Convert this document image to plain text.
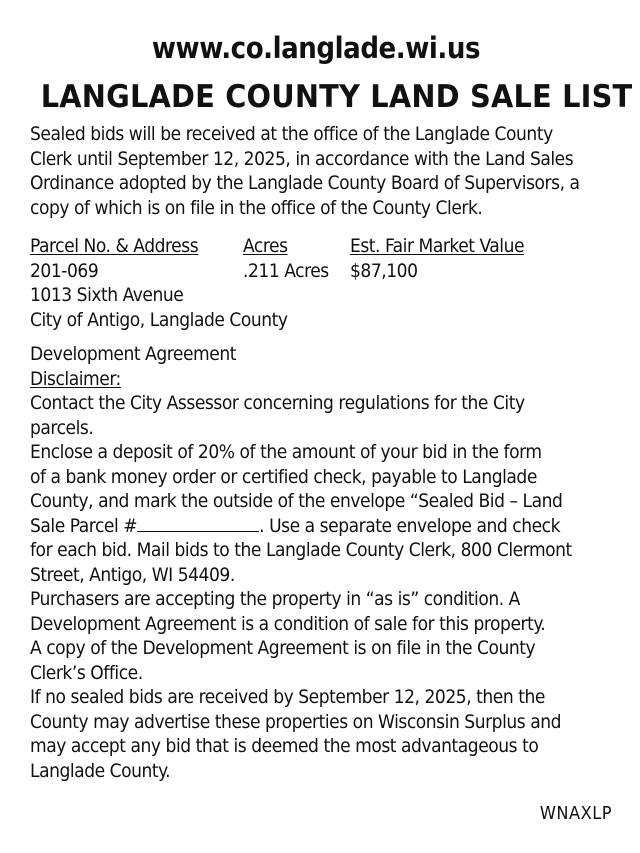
www.co.langlade.wi.us
LANGLADE COUNTY LAND SALE LIST
Sealed bids will be received at the office of the Langlade County
Clerk until September 12, 2025, in accordance with the Land Sales
Ordinance adopted by the Langlade County Board of Supervisors, a
copy of which is on file in the office of the County Clerk.
Parcel No. & Address
201-069
1013 Sixth Avenue
City of Antigo, Langlade County
Acres
.211 Acres
Est. Fair Market Value
$87,100
Development Agreement
Disclaimer:
Contact the City Assessor concerning regulations for the City
parcels.
Enclose a deposit of 20% of the amount of your bid in the form
of a bank money order or certified check, payable to Langlade
County, and mark the outside of the envelope “Sealed Bid – Land
Sale Parcel #	. Use a separate envelope and check
for each bid. Mail bids to the Langlade County Clerk, 800 Clermont
Street, Antigo, WI 54409.
Purchasers are accepting the property in “as is” condition. A
Development Agreement is a condition of sale for this property.
A copy of the Development Agreement is on file in the County
Clerk’s Office.
If no sealed bids are received by September 12, 2025, then the
County may advertise these properties on Wisconsin Surplus and
may accept any bid that is deemed the most advantageous to
Langlade County.
WNAXLP
